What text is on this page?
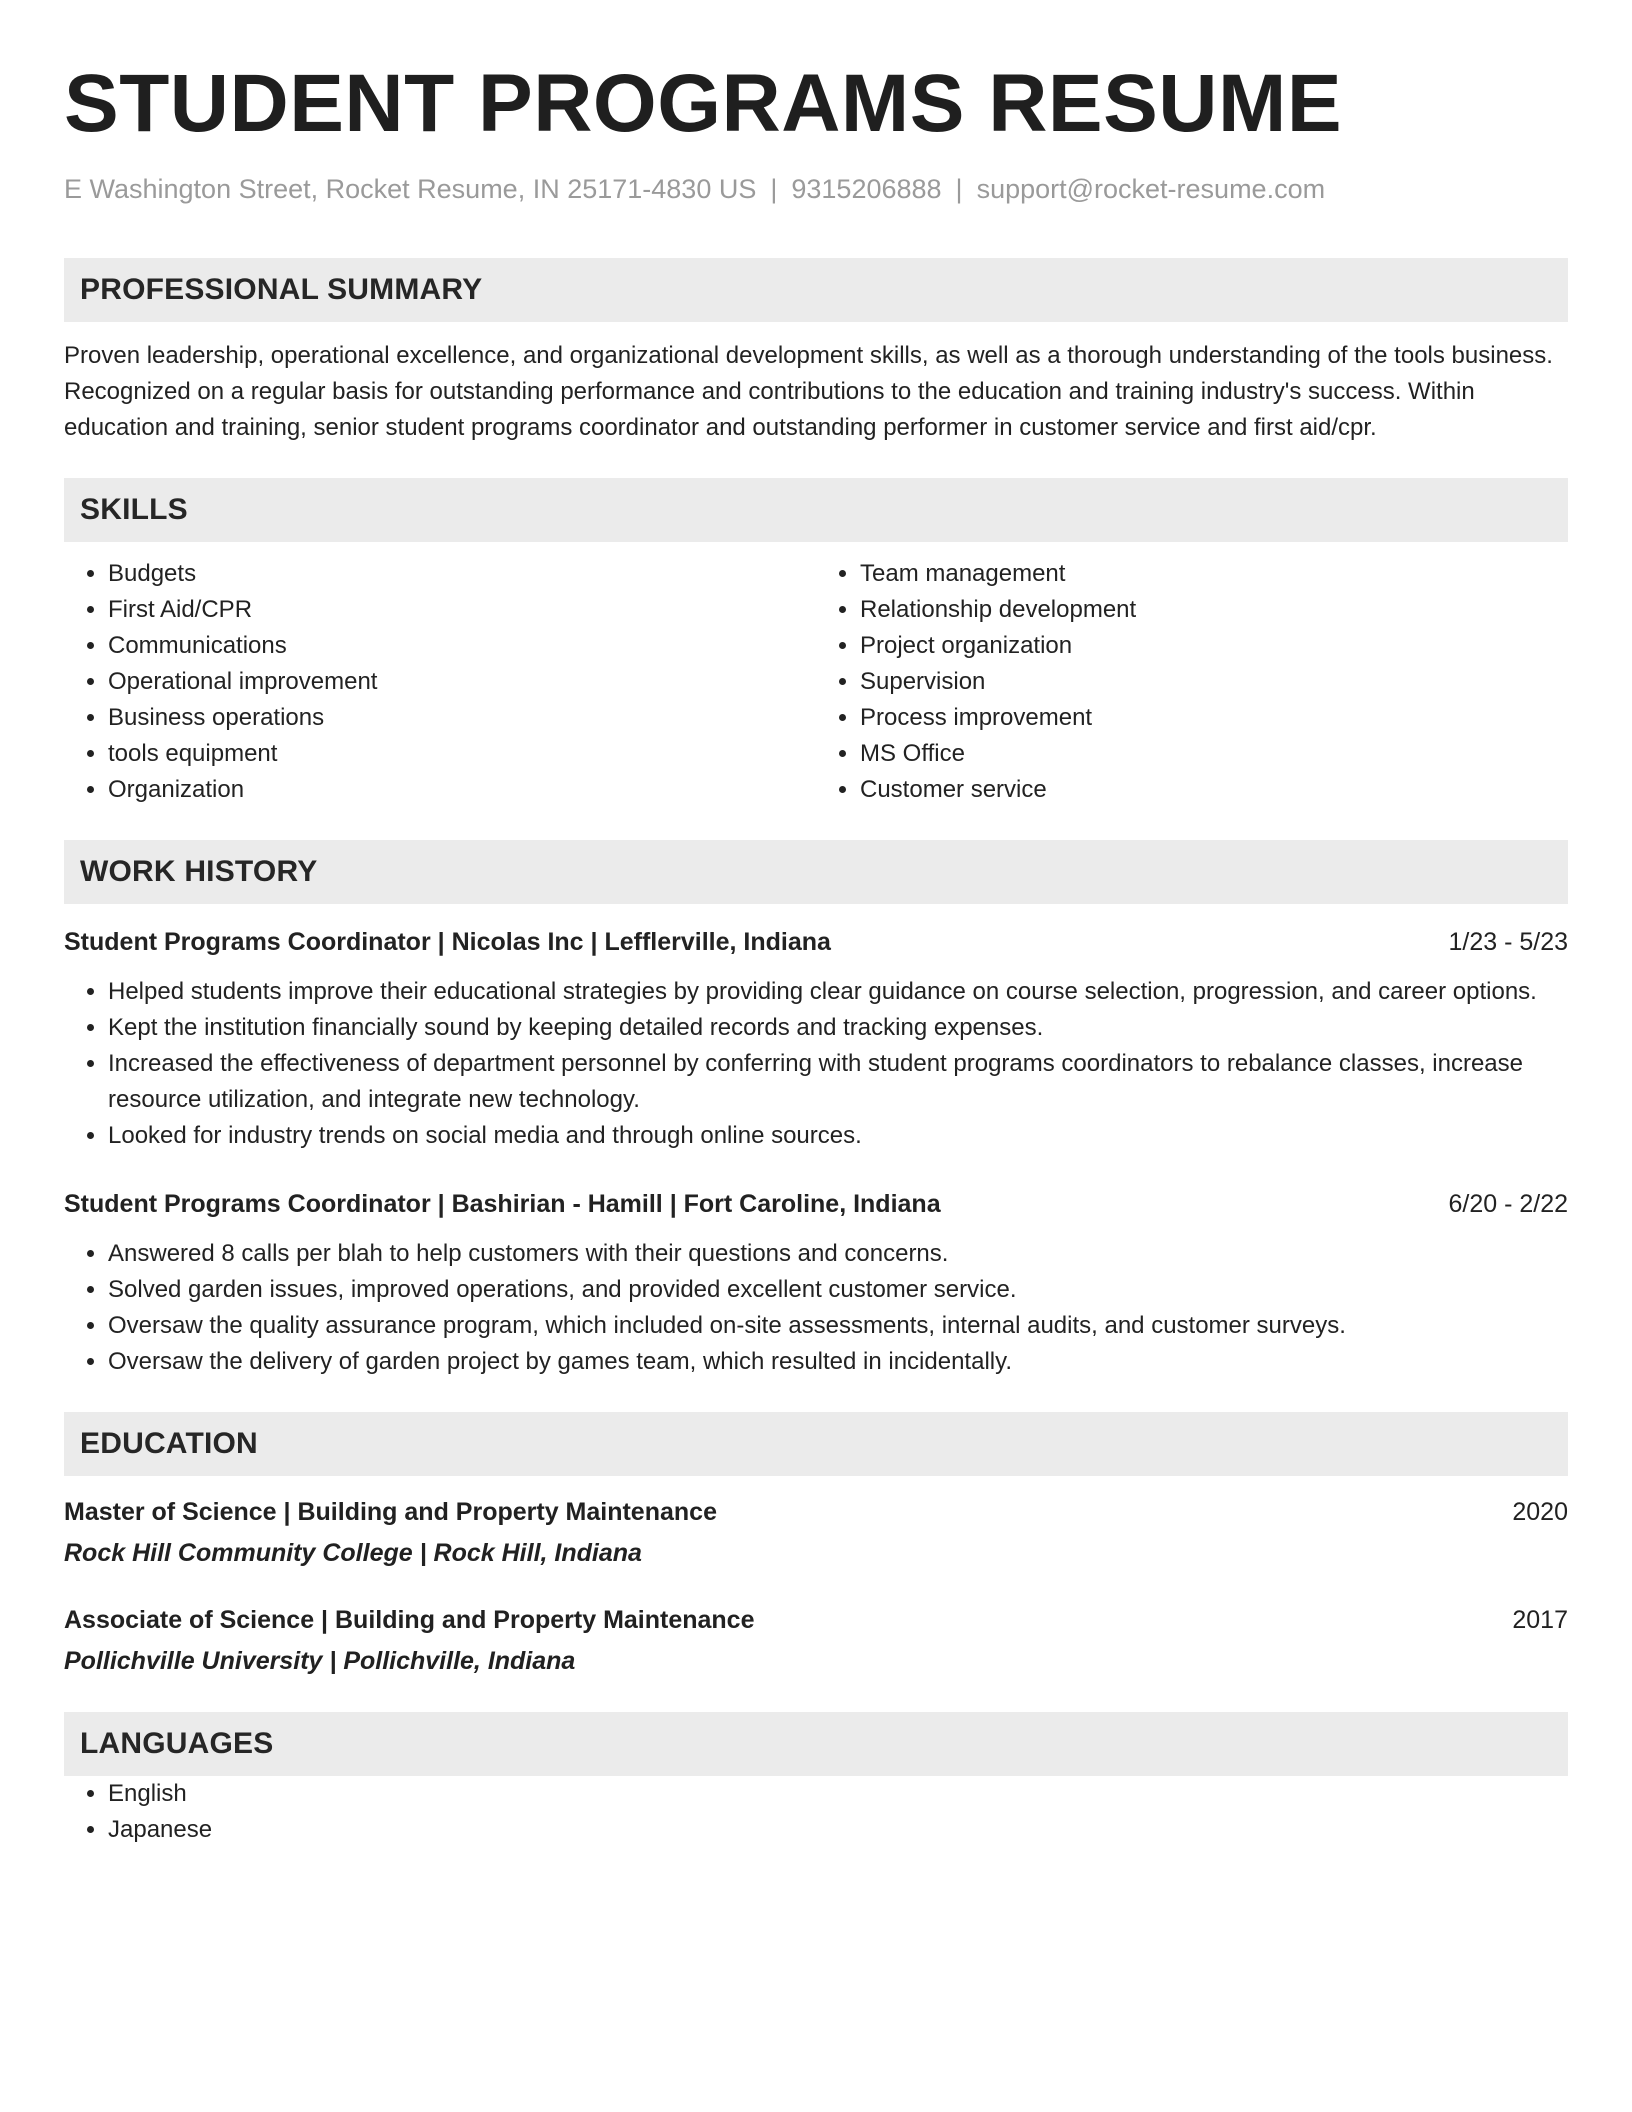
STUDENT PROGRAMS RESUME
E Washington Street, Rocket Resume, IN 25171-4830 US | 9315206888 | support@rocket-resume.com
PROFESSIONAL SUMMARY

Proven leadership, operational excellence, and organizational development skills, as well as a thorough understanding of the tools business. Recognized on a regular basis for outstanding performance and contributions to the education and training industry's success. Within education and training, senior student programs coordinator and outstanding performer in customer service and first aid/cpr.

SKILLS
• Budgets
• First Aid/CPR
• Communications
• Operational improvement
• Business operations
• tools equipment
• Organization
• Team management
• Relationship development
• Project organization
• Supervision
• Process improvement
• MS Office
• Customer service
WORK HISTORY
Student Programs Coordinator | Nicolas Inc | Lefflerville, Indiana	1/23 - 5/23
• Helped students improve their educational strategies by providing clear guidance on course selection, progression, and career options.
• Kept the institution financially sound by keeping detailed records and tracking expenses.
• Increased the effectiveness of department personnel by conferring with student programs coordinators to rebalance classes, increase resource utilization, and integrate new technology.
• Looked for industry trends on social media and through online sources.
Student Programs Coordinator | Bashirian - Hamill | Fort Caroline, Indiana	6/20 - 2/22
• Answered 8 calls per blah to help customers with their questions and concerns.
• Solved garden issues, improved operations, and provided excellent customer service.
• Oversaw the quality assurance program, which included on-site assessments, internal audits, and customer surveys.
• Oversaw the delivery of garden project by games team, which resulted in incidentally.
EDUCATION
Master of Science | Building and Property Maintenance	2020
Rock Hill Community College | Rock Hill, Indiana
Associate of Science | Building and Property Maintenance	2017
Pollichville University | Pollichville, Indiana
LANGUAGES
• English
• Japanese
